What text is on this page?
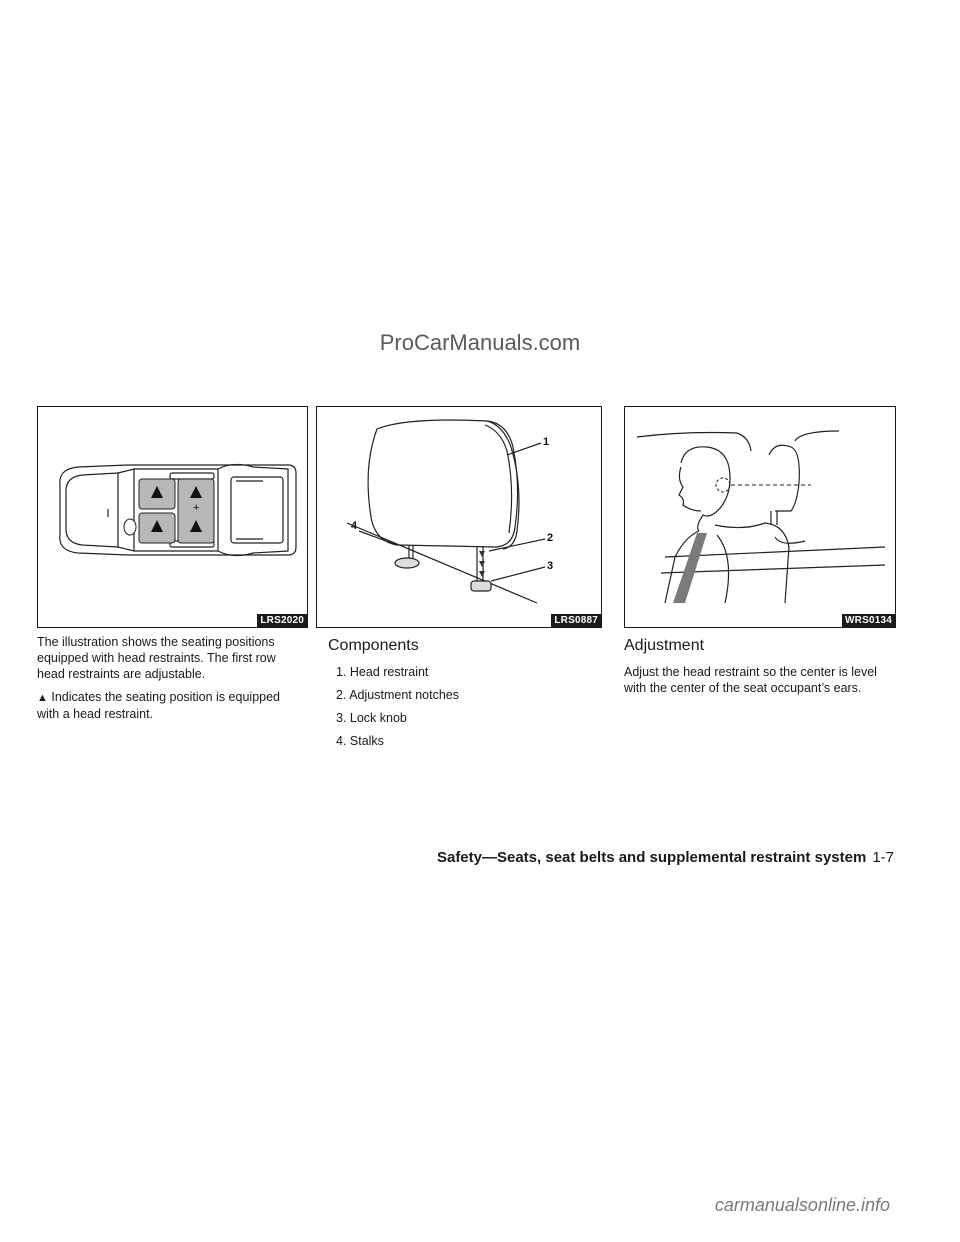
ProCarManuals.com
+
LRS2020
1
2
3
4
LRS0887	WRS0134

The illustration shows the seating positions equipped with head restraints. The first row head restraints are adjustable.

▲ Indicates the seating position is equipped with a head restraint.

Components
1. Head restraint
2. Adjustment notches
3. Lock knob
4. Stalks
Adjustment

Adjust the head restraint so the center is level with the center of the seat occupant’s ears.

Safety—Seats, seat belts and supplemental restraint system 1-7
carmanualsonline.info
